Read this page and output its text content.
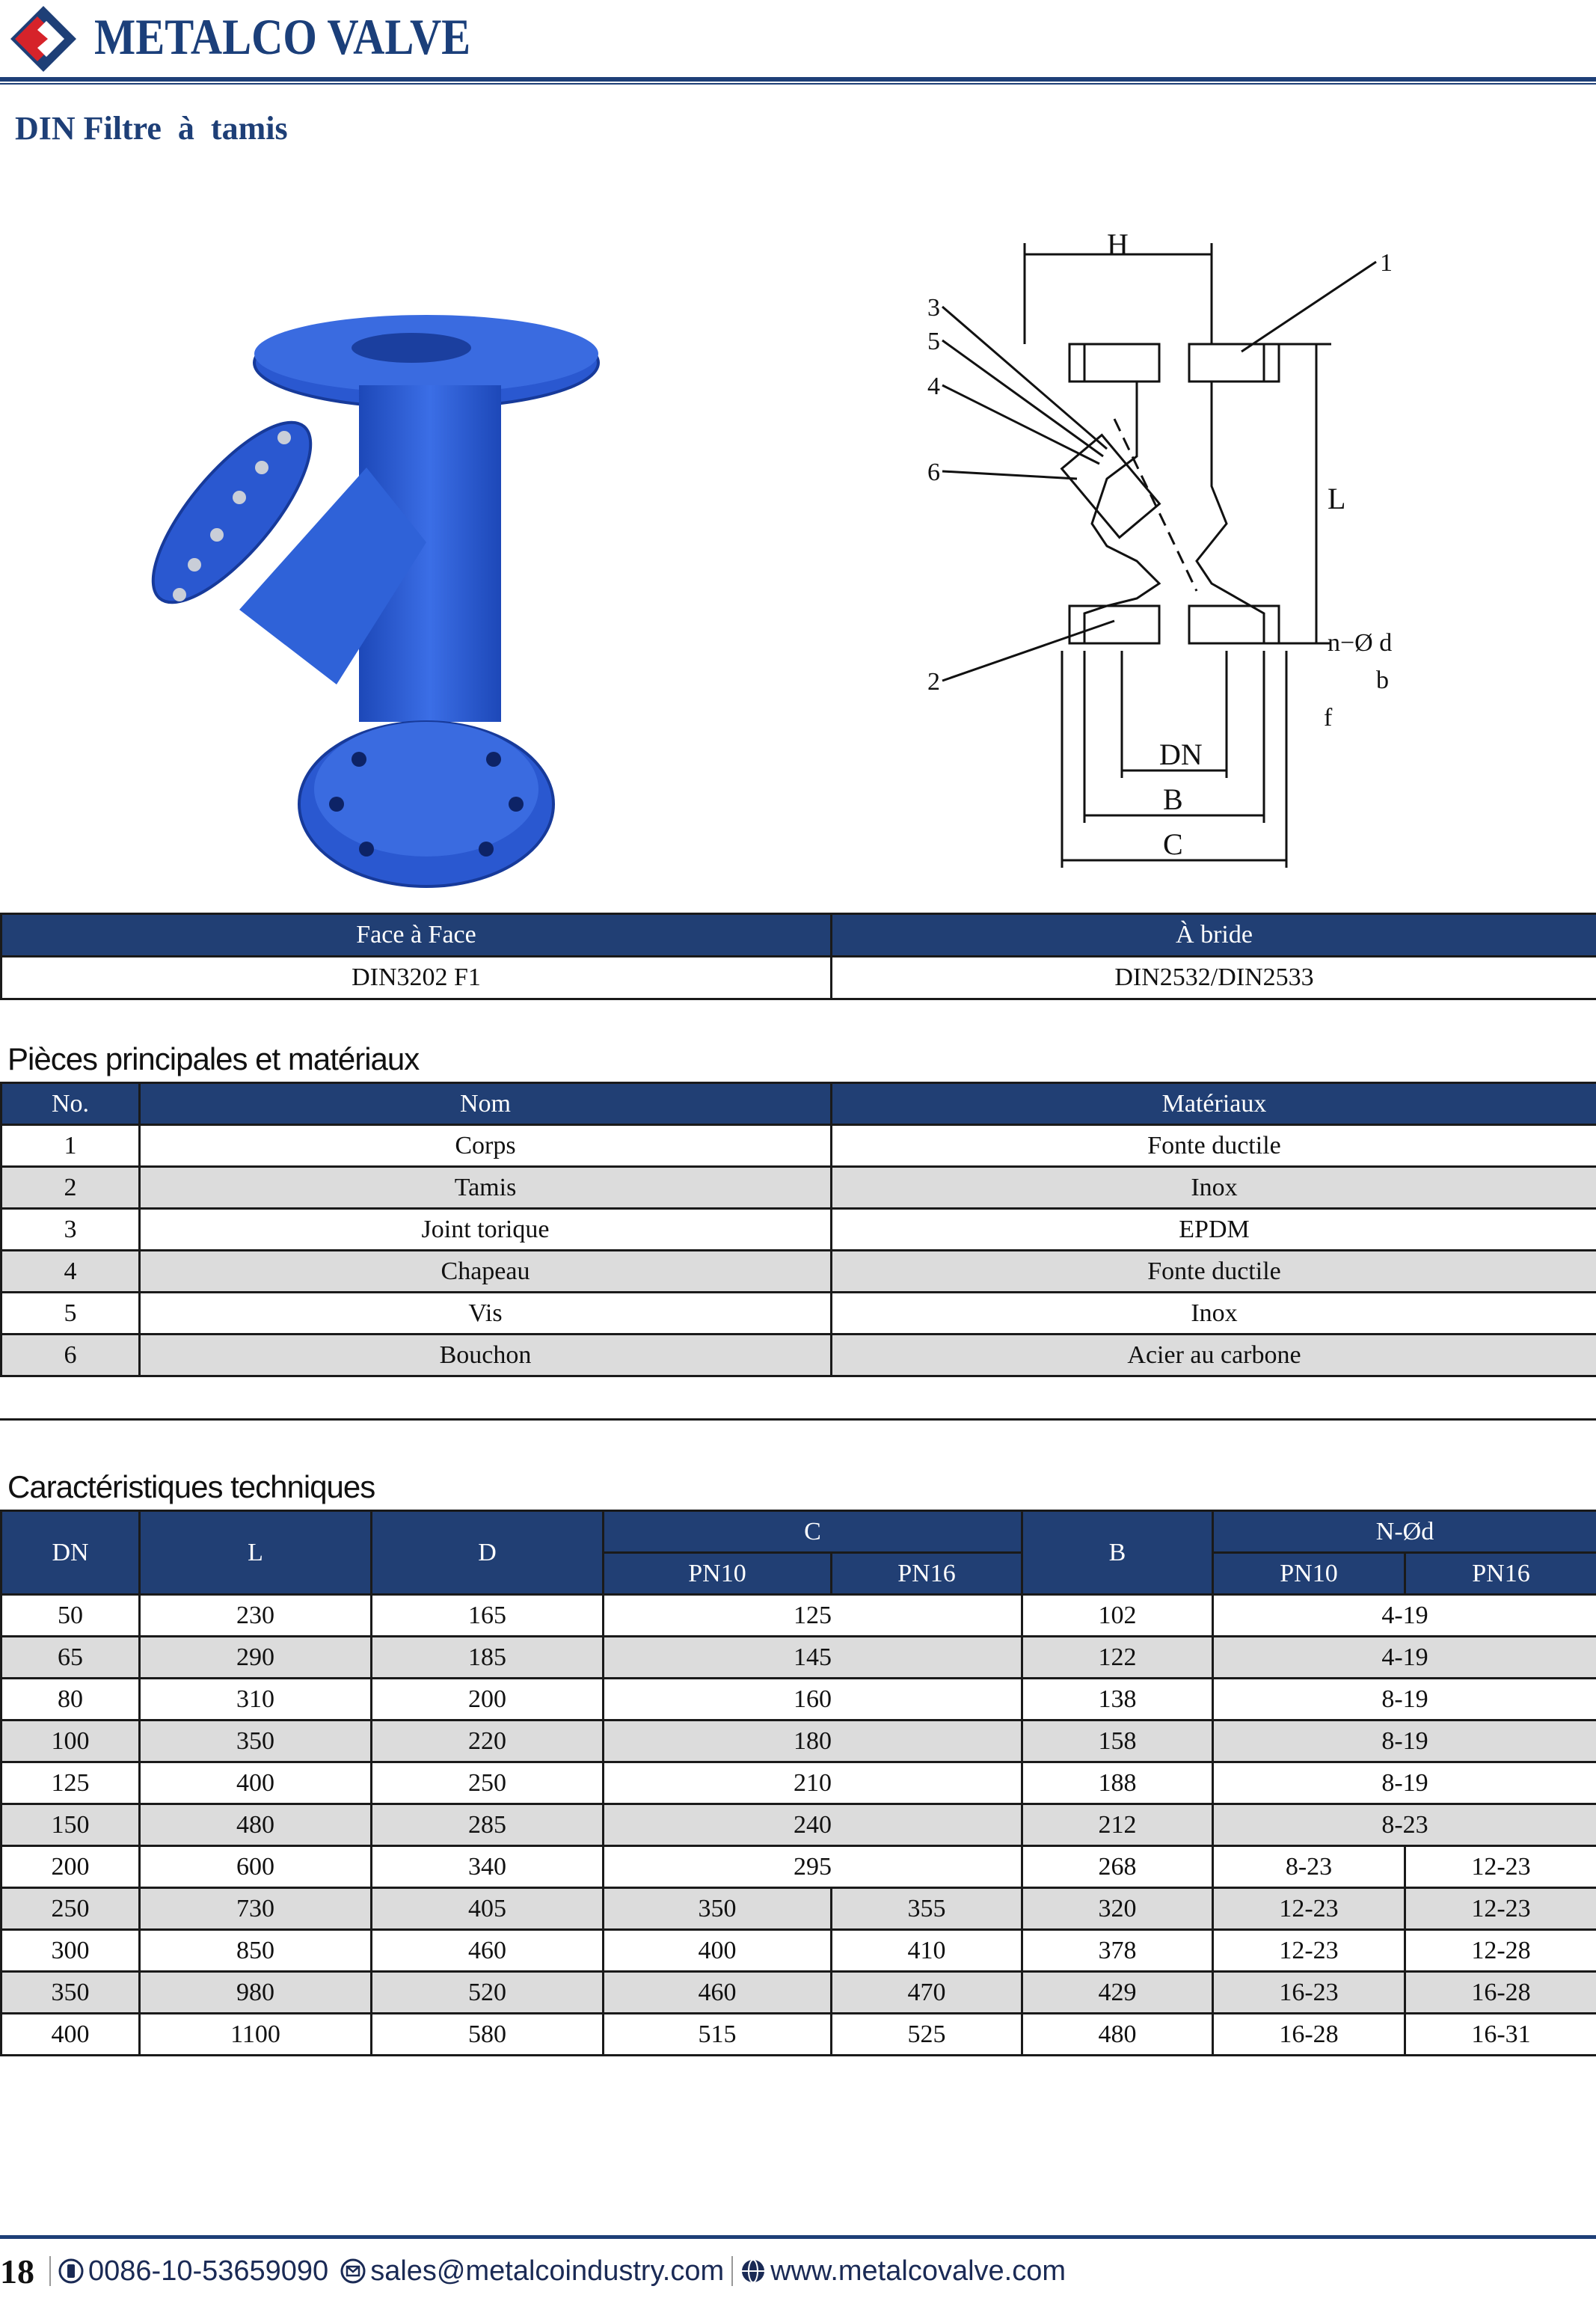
METALCO VALVE
DIN Filtre  à  tamis
H
L
DN
B
C
n−Ø d
b
f
1
3
5
4
6
2
Face à Face	À bride
DIN3202 F1	DIN2532/DIN2533
Pièces principales et matériaux
No.	Nom	Matériaux
1	Corps	Fonte ductile
2	Tamis	Inox
3	Joint torique	EPDM
4	Chapeau	Fonte ductile
5	Vis	Inox
6	Bouchon	Acier au carbone
Caractéristiques techniques
DN	L	D	C		B	N-Ød	
			PN10	PN16		PN10	PN16
50	230	165	125		102	4-19	
65	290	185	145		122	4-19	
80	310	200	160		138	8-19	
100	350	220	180		158	8-19	
125	400	250	210		188	8-19	
150	480	285	240		212	8-23	
200	600	340	295		268	8-23	12-23
250	730	405	350	355	320	12-23	12-23
300	850	460	400	410	378	12-23	12-28
350	980	520	460	470	429	16-23	16-28
400	1100	580	515	525	480	16-28	16-31
18 0086-10-53659090 sales@metalcoindustry.com www.metalcovalve.com
